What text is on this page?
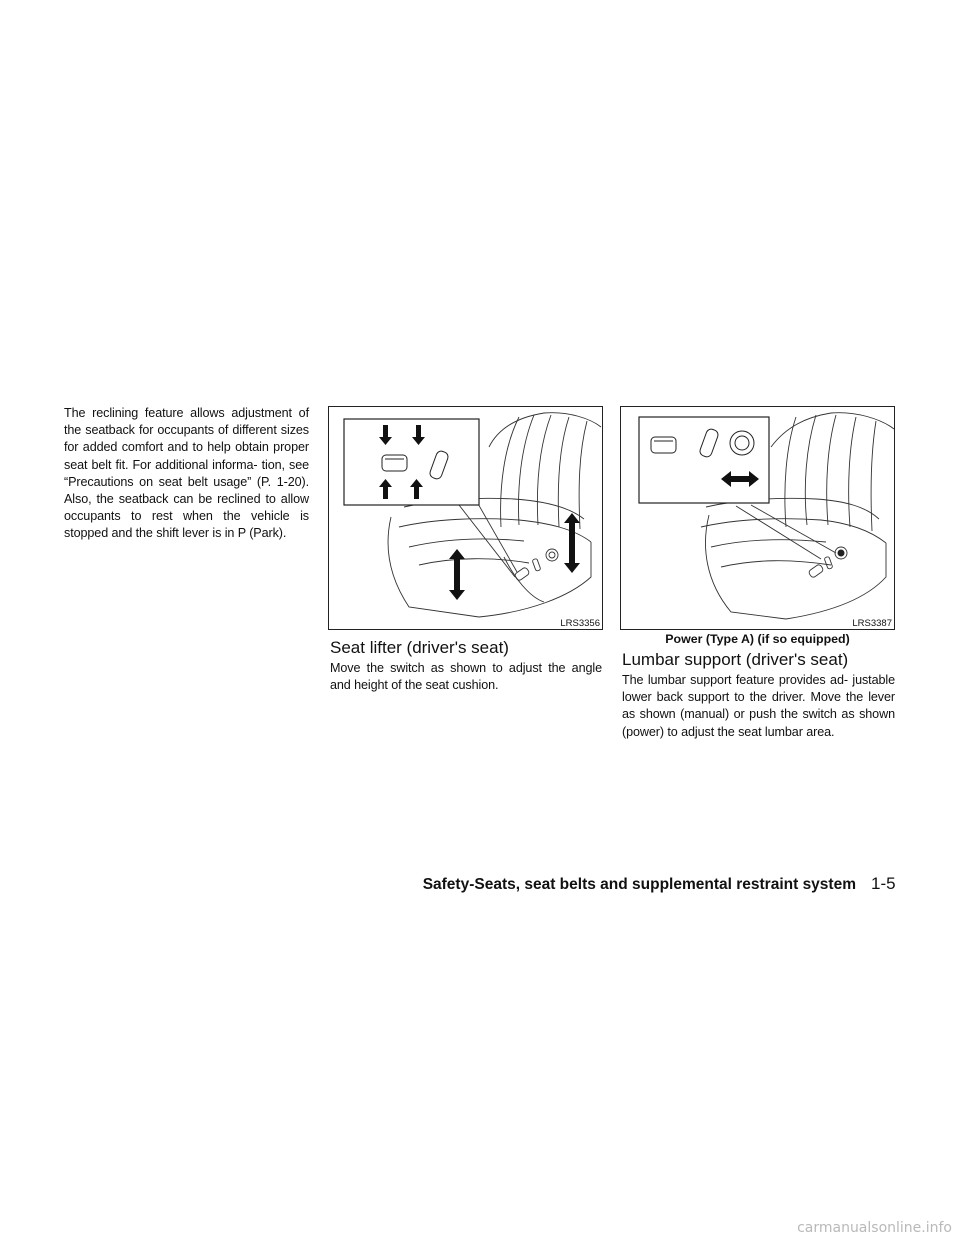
The reclining feature allows adjustment of the seatback for occupants of different sizes for added comfort and to help obtain proper seat belt fit. For additional informa- tion, see “Precautions on seat belt usage” (P. 1-20). Also, the seatback can be reclined to allow occupants to rest when the vehicle is stopped and the shift lever is in P (Park).

LRS3356	LRS3387
Seat lifter (driver's seat)

Move the switch as shown to adjust the angle and height of the seat cushion.

Power (Type A) (if so equipped)
Lumbar support (driver's seat)

The lumbar support feature provides ad- justable lower back support to the driver. Move the lever as shown (manual) or push the switch as shown (power) to adjust the seat lumbar area.

Safety-Seats, seat belts and supplemental restraint system 1-5
carmanualsonline.info
